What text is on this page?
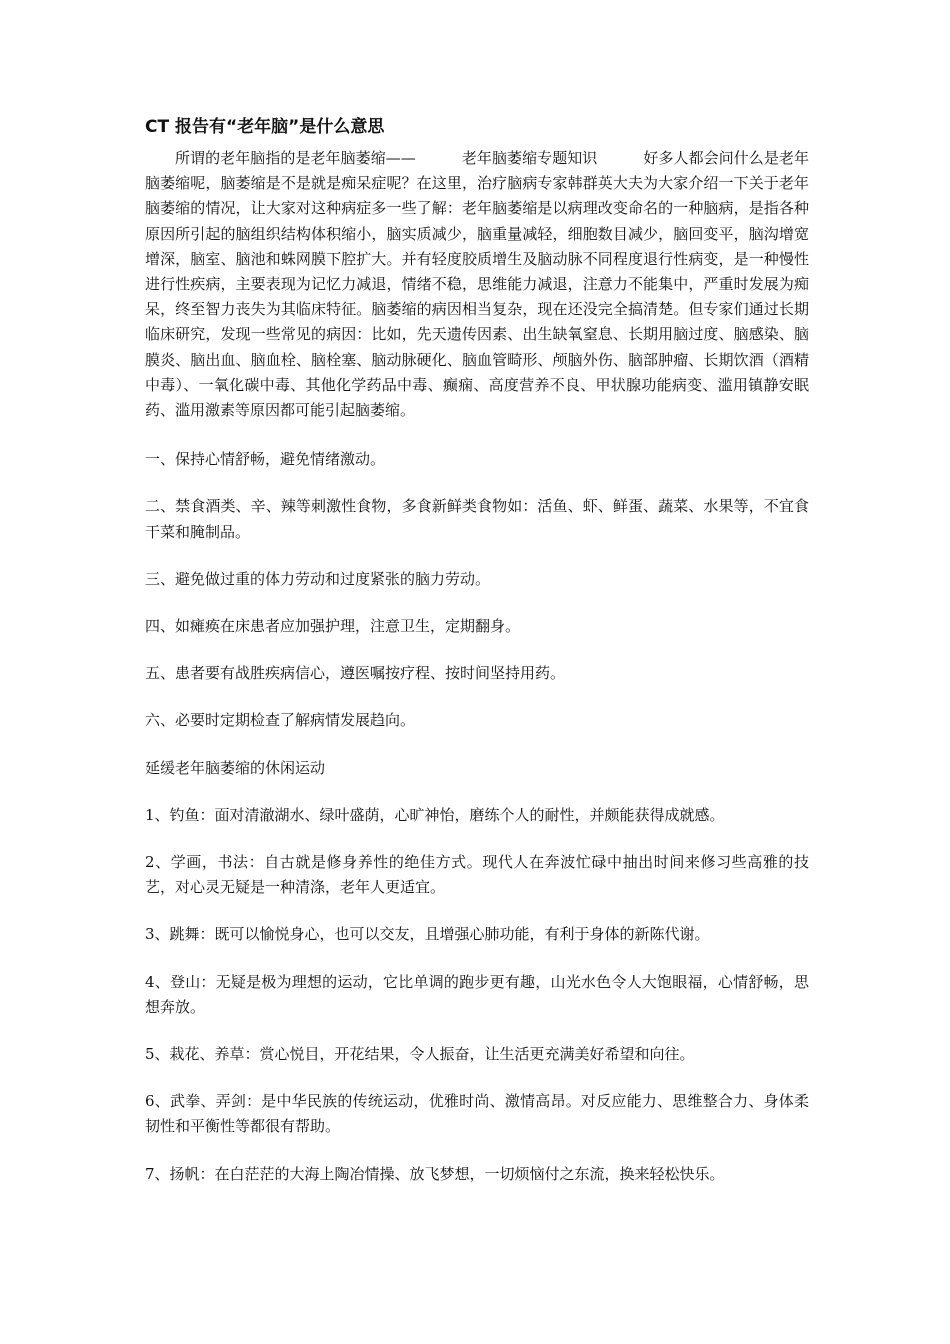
CT 报告有“老年脑”是什么意思

所谓的老年脑指的是老年脑萎缩——	老年脑萎缩专题知识	好多人都会问什么是老年脑萎缩呢，脑萎缩是不是就是痴呆症呢？在这里，治疗脑病专家韩群英大夫为大家介绍一下关于老年脑萎缩的情况，让大家对这种病症多一些了解：老年脑萎缩是以病理改变命名的一种脑病，是指各种原因所引起的脑组织结构体积缩小，脑实质减少，脑重量减轻，细胞数目减少，脑回变平，脑沟增宽增深，脑室、脑池和蛛网膜下腔扩大。并有轻度胶质增生及脑动脉不同程度退行性病变，是一种慢性进行性疾病，主要表现为记忆力减退，情绪不稳，思维能力减退，注意力不能集中，严重时发展为痴呆，终至智力丧失为其临床特征。脑萎缩的病因相当复杂，现在还没完全搞清楚。但专家们通过长期临床研究，发现一些常见的病因：比如，先天遗传因素、出生缺氧窒息、长期用脑过度、脑感染、脑膜炎、脑出血、脑血栓、脑栓塞、脑动脉硬化、脑血管畸形、颅脑外伤、脑部肿瘤、长期饮酒（酒精中毒）、一氧化碳中毒、其他化学药品中毒、癫痫、高度营养不良、甲状腺功能病变、滥用镇静安眠药、滥用激素等原因都可能引起脑萎缩。

一、保持心情舒畅，避免情绪激动。

二、禁食酒类、辛、辣等刺激性食物，多食新鲜类食物如：活鱼、虾、鲜蛋、蔬菜、水果等，不宜食干菜和腌制品。

三、避免做过重的体力劳动和过度紧张的脑力劳动。

四、如瘫痪在床患者应加强护理，注意卫生，定期翻身。

五、患者要有战胜疾病信心，遵医嘱按疗程、按时间坚持用药。

六、必要时定期检查了解病情发展趋向。

延缓老年脑萎缩的休闲运动

1、钓鱼：面对清澈湖水、绿叶盛荫，心旷神怡，磨练个人的耐性，并颇能获得成就感。

2、学画，书法：自古就是修身养性的绝佳方式。现代人在奔波忙碌中抽出时间来修习些高雅的技艺，对心灵无疑是一种清涤，老年人更适宜。

3、跳舞：既可以愉悦身心，也可以交友，且增强心肺功能，有利于身体的新陈代谢。

4、登山：无疑是极为理想的运动，它比单调的跑步更有趣，山光水色令人大饱眼福，心情舒畅，思想奔放。

5、栽花、养草：赏心悦目，开花结果，令人振奋，让生活更充满美好希望和向往。

6、武拳、弄剑：是中华民族的传统运动，优雅时尚、激情高昂。对反应能力、思维整合力、身体柔韧性和平衡性等都很有帮助。

7、扬帆：在白茫茫的大海上陶冶情操、放飞梦想，一切烦恼付之东流，换来轻松快乐。
